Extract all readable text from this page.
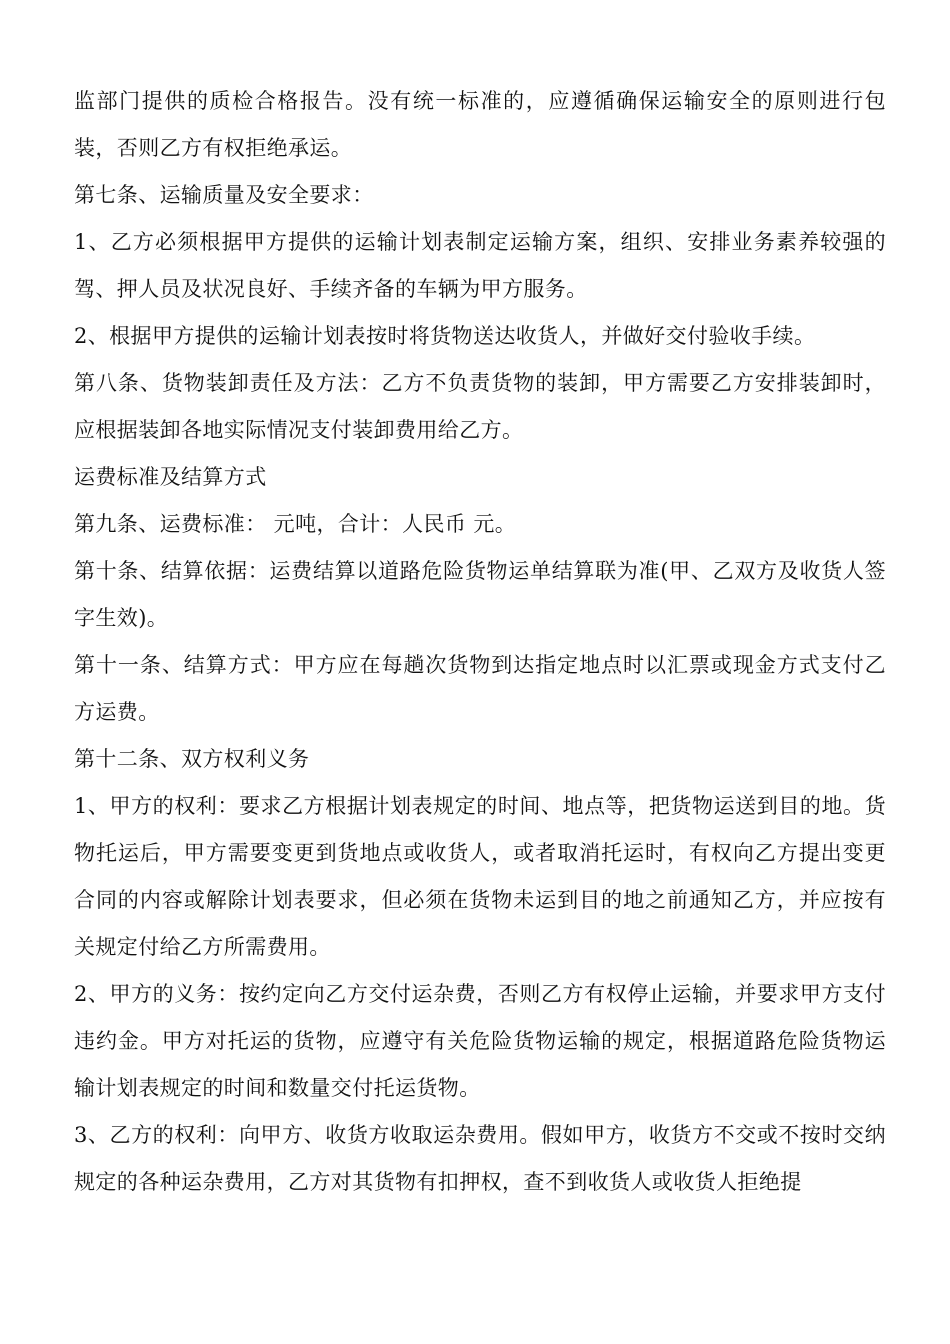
监部门提供的质检合格报告。没有统一标准的，应遵循确保运输安全的原则进行包装，否则乙方有权拒绝承运。

第七条、运输质量及安全要求：

1、乙方必须根据甲方提供的运输计划表制定运输方案，组织、安排业务素养较强的驾、押人员及状况良好、手续齐备的车辆为甲方服务。

2、根据甲方提供的运输计划表按时将货物送达收货人，并做好交付验收手续。

第八条、货物装卸责任及方法：乙方不负责货物的装卸，甲方需要乙方安排装卸时，应根据装卸各地实际情况支付装卸费用给乙方。

运费标准及结算方式

第九条、运费标准： 元吨，合计：人民币 元。

第十条、结算依据：运费结算以道路危险货物运单结算联为准(甲、乙双方及收货人签字生效)。

第十一条、结算方式：甲方应在每趟次货物到达指定地点时以汇票或现金方式支付乙方运费。

第十二条、双方权利义务

1、甲方的权利：要求乙方根据计划表规定的时间、地点等，把货物运送到目的地。货物托运后，甲方需要变更到货地点或收货人，或者取消托运时，有权向乙方提出变更合同的内容或解除计划表要求，但必须在货物未运到目的地之前通知乙方，并应按有关规定付给乙方所需费用。

2、甲方的义务：按约定向乙方交付运杂费，否则乙方有权停止运输，并要求甲方支付违约金。甲方对托运的货物，应遵守有关危险货物运输的规定，根据道路危险货物运输计划表规定的时间和数量交付托运货物。

3、乙方的权利：向甲方、收货方收取运杂费用。假如甲方，收货方不交或不按时交纳规定的各种运杂费用，乙方对其货物有扣押权，查不到收货人或收货人拒绝提
